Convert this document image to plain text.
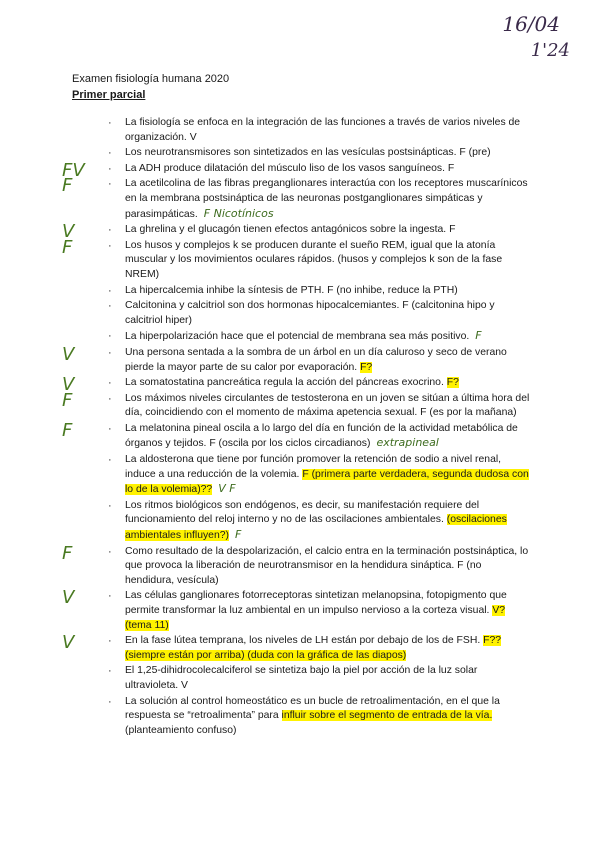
16/04
1'24
Examen fisiología humana 2020
Primer parcial
· La fisiología se enfoca en la integración de las funciones a través de varios niveles de organización. V
· Los neurotransmisores son sintetizados en las vesículas postsinápticas. F (pre)
· La ADH produce dilatación del músculo liso de los vasos sanguíneos. F
FV
· La acetilcolina de las fibras preganglionares interactúa con los receptores muscarínicos en la membrana postsináptica de las neuronas postganglionares simpáticas y parasimpáticas. F Nicotínicos
F
· La ghrelina y el glucagón tienen efectos antagónicos sobre la ingesta. F
V
· Los husos y complejos k se producen durante el sueño REM, igual que la atonía muscular y los movimientos oculares rápidos. (husos y complejos k son de la fase NREM)
F
· La hipercalcemia inhibe la síntesis de PTH. F (no inhibe, reduce la PTH)
· Calcitonina y calcitriol son dos hormonas hipocalcemiantes. F (calcitonina hipo y calcitriol hiper)
· La hiperpolarización hace que el potencial de membrana sea más positivo. F
· Una persona sentada a la sombra de un árbol en un día caluroso y seco de verano pierde la mayor parte de su calor por evaporación. F?
V
· La somatostatina pancreática regula la acción del páncreas exocrino. F?
V
· Los máximos niveles circulantes de testosterona en un joven se sitúan a última hora del día, coincidiendo con el momento de máxima apetencia sexual. F (es por la mañana)
F
· La melatonina pineal oscila a lo largo del día en función de la actividad metabólica de órganos y tejidos. F (oscila por los ciclos circadianos) extrapineal
F
· La aldosterona que tiene por función promover la retención de sodio a nivel renal, induce a una reducción de la volemia. F (primera parte verdadera, segunda dudosa con lo de la volemia)?? V F
· Los ritmos biológicos son endógenos, es decir, su manifestación requiere del funcionamiento del reloj interno y no de las oscilaciones ambientales. (oscilaciones ambientales influyen?) F
· Como resultado de la despolarización, el calcio entra en la terminación postsináptica, lo que provoca la liberación de neurotransmisor en la hendidura sináptica. F (no hendidura, vesícula)
F
· Las células ganglionares fotorreceptoras sintetizan melanopsina, fotopigmento que permite transformar la luz ambiental en un impulso nervioso a la corteza visual. V? (tema 11)
V
· En la fase lútea temprana, los niveles de LH están por debajo de los de FSH. F?? (siempre están por arriba) (duda con la gráfica de las diapos)
V
· El 1,25-dihidrocolecalciferol se sintetiza bajo la piel por acción de la luz solar ultravioleta. V
· La solución al control homeostático es un bucle de retroalimentación, en el que la respuesta se “retroalimenta” para influir sobre el segmento de entrada de la vía. (planteamiento confuso)
